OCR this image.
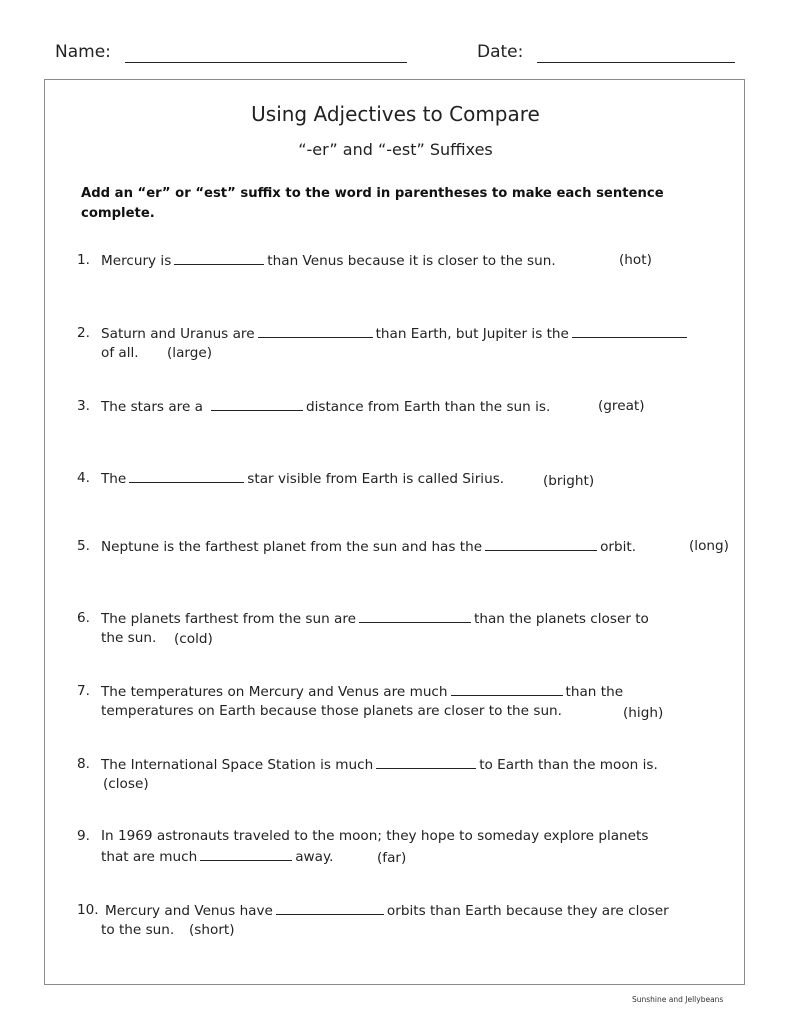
Name:	Date:
Using Adjectives to Compare
“-er” and “-est” Suffixes
Add an “er” or “est” suffix to the word in parentheses to make each sentence complete.
1. Mercury is	than Venus because it is closer to the sun.	(hot)
2. Saturn and Uranus are	than Earth, but Jupiter is the
of all. (large)
3. The stars are a	distance from Earth than the sun is.	(great)
4. The	star visible from Earth is called Sirius.	(bright)
5. Neptune is the farthest planet from the sun and has the	orbit.	(long)
6. The planets farthest from the sun are	than the planets closer to
the sun. (cold)
7. The temperatures on Mercury and Venus are much	than the
temperatures on Earth because those planets are closer to the sun.	(high)
8. The International Space Station is much	to Earth than the moon is.
(close)
9. In 1969 astronauts traveled to the moon; they hope to someday explore planets
that are much	away.	(far)
10. Mercury and Venus have	orbits than Earth because they are closer
to the sun. (short)
Sunshine and Jellybeans
